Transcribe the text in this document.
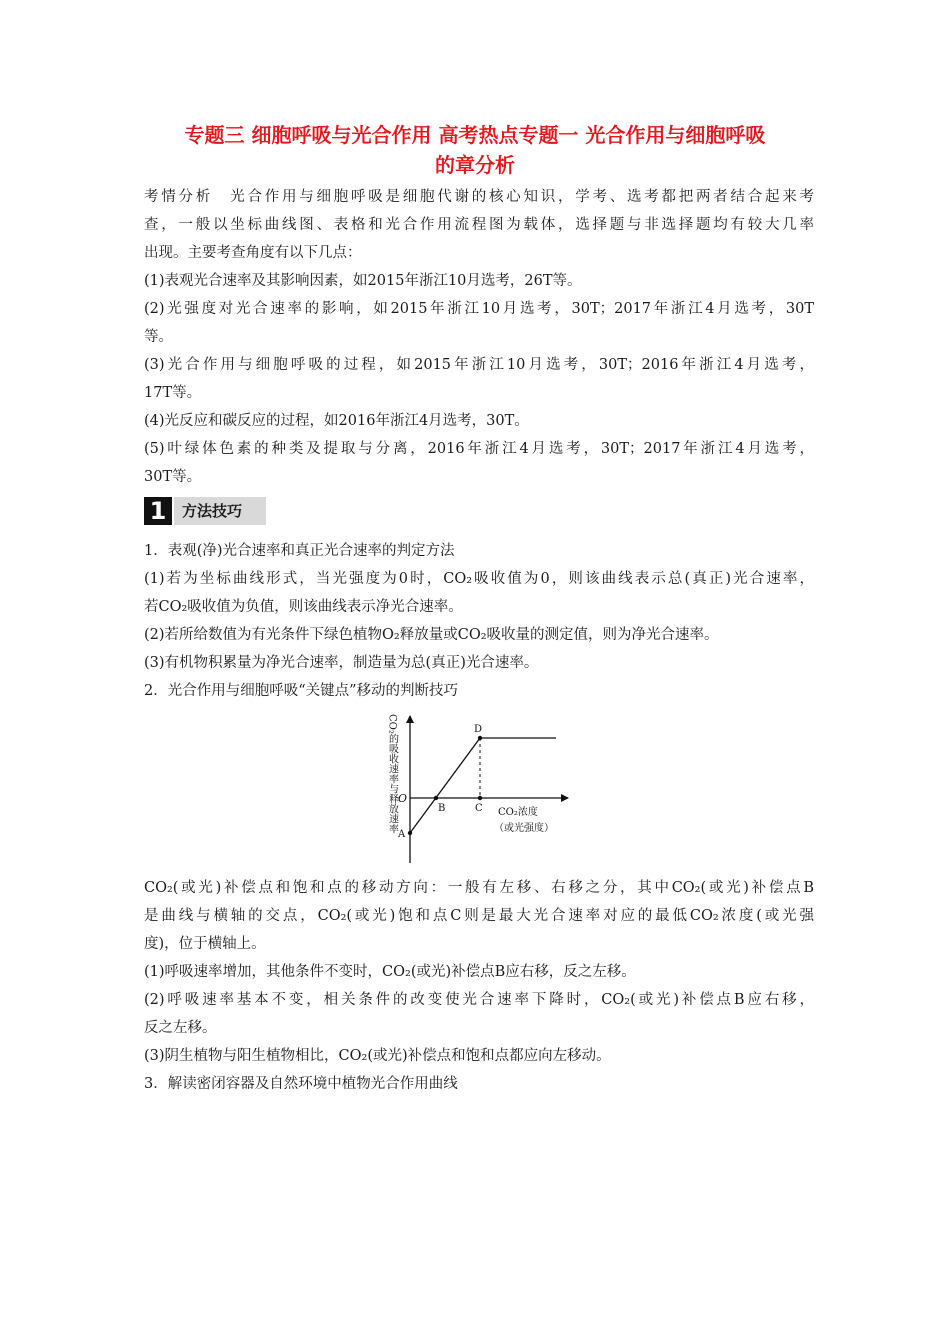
专题三 细胞呼吸与光合作用 高考热点专题一 光合作用与细胞呼吸
的章分析
考情分析　光合作用与细胞呼吸是细胞代谢的核心知识，学考、选考都把两者结合起来考
查，一般以坐标曲线图、表格和光合作用流程图为载体，选择题与非选择题均有较大几率
出现。主要考查角度有以下几点：
(1)表观光合速率及其影响因素，如2015年浙江10月选考，26T等。
(2)光强度对光合速率的影响，如2015年浙江10月选考，30T；2017年浙江4月选考，30T
等。
(3)光合作用与细胞呼吸的过程，如2015年浙江10月选考，30T；2016年浙江4月选考，
17T等。
(4)光反应和碳反应的过程，如2016年浙江4月选考，30T。
(5)叶绿体色素的种类及提取与分离，2016年浙江4月选考，30T；2017年浙江4月选考，
30T等。
1	方法技巧
1．表观(净)光合速率和真正光合速率的判定方法
(1)若为坐标曲线形式，当光强度为0时，CO₂吸收值为0，则该曲线表示总(真正)光合速率，
若CO₂吸收值为负值，则该曲线表示净光合速率。
(2)若所给数值为有光条件下绿色植物O₂释放量或CO₂吸收量的测定值，则为净光合速率。
(3)有机物积累量为净光合速率，制造量为总(真正)光合速率。
2．光合作用与细胞呼吸“关键点”移动的判断技巧
O
A
B	C
D
CO₂浓度
（或光强度）
CO₂的吸收速率与释放速率
CO₂(或光)补偿点和饱和点的移动方向：一般有左移、右移之分，其中CO₂(或光)补偿点B
是曲线与横轴的交点，CO₂(或光)饱和点C则是最大光合速率对应的最低CO₂浓度(或光强
度)，位于横轴上。
(1)呼吸速率增加，其他条件不变时，CO₂(或光)补偿点B应右移，反之左移。
(2)呼吸速率基本不变，相关条件的改变使光合速率下降时，CO₂(或光)补偿点B应右移，
反之左移。
(3)阴生植物与阳生植物相比，CO₂(或光)补偿点和饱和点都应向左移动。
3．解读密闭容器及自然环境中植物光合作用曲线
